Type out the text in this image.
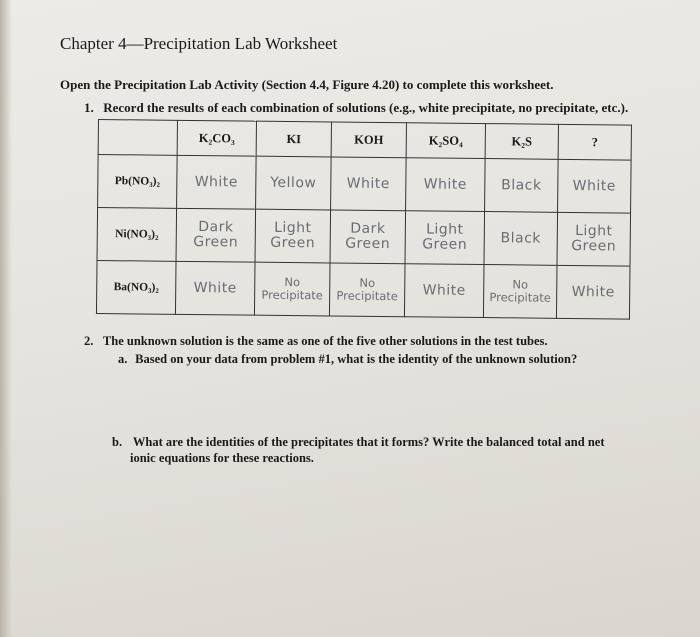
Chapter 4—Precipitation Lab Worksheet
Open the Precipitation Lab Activity (Section 4.4, Figure 4.20) to complete this worksheet.
1. Record the results of each combination of solutions (e.g., white precipitate, no precipitate, etc.).
	K₂CO₃	KI	KOH	K₂SO₄	K₂S	?
Pb(NO₃)₂	White	Yellow	White	White	Black	White
Ni(NO₃)₂	Dark Green	Light Green	Dark Green	Light Green	Black	Light Green
Ba(NO₃)₂	White	No Precipitate	No Precipitate	White	No Precipitate	White
2. The unknown solution is the same as one of the five other solutions in the test tubes.
a. Based on your data from problem #1, what is the identity of the unknown solution?
b. What are the identities of the precipitates that it forms? Write the balanced total and net
ionic equations for these reactions.
